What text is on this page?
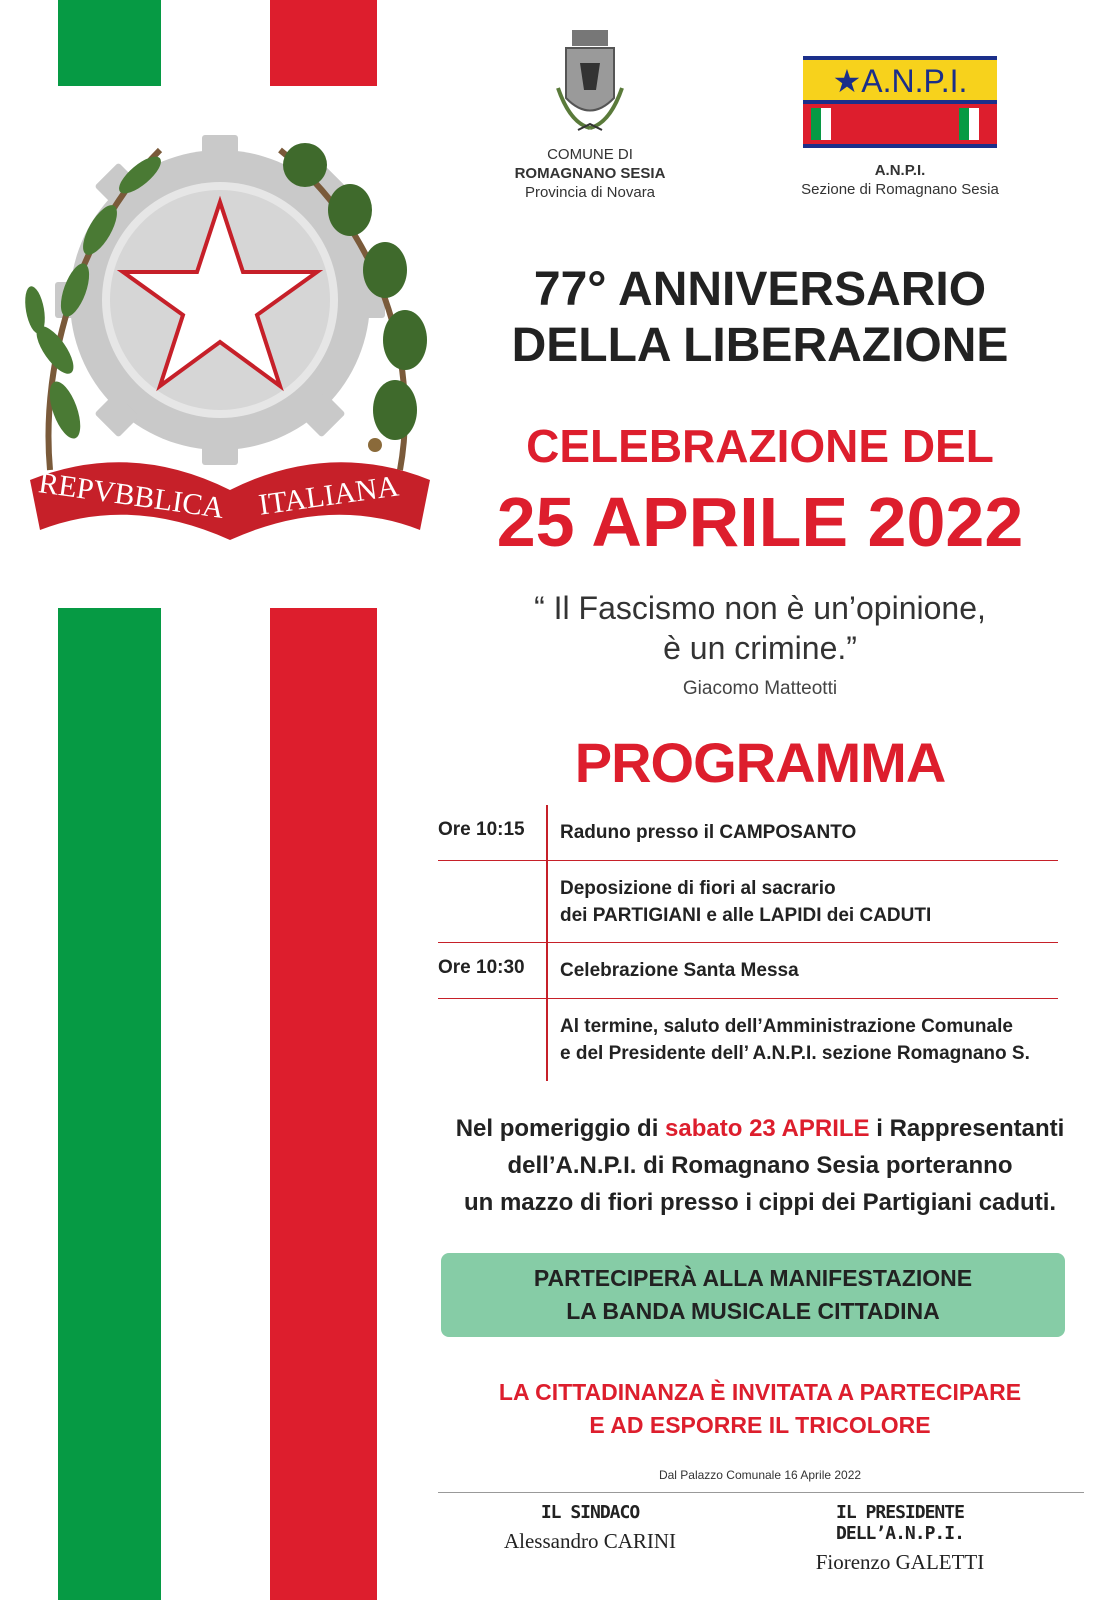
REPVBBLICA ITALIANA
COMUNE DI
ROMAGNANO SESIA
Provincia di Novara
★A.N.P.I.
A.N.P.I.
Sezione di Romagnano Sesia
77° ANNIVERSARIO
DELLA LIBERAZIONE
CELEBRAZIONE DEL
25 APRILE 2022
“ Il Fascismo non è un’opinione,
è un crimine.”
Giacomo Matteotti
PROGRAMMA
Ore 10:15	Raduno presso il CAMPOSANTO
Deposizione di fiori al sacrario
dei PARTIGIANI e alle LAPIDI dei CADUTI
Ore 10:30	Celebrazione Santa Messa
Al termine, saluto dell’Amministrazione Comunale
e del Presidente dell’ A.N.P.I. sezione Romagnano S.
Nel pomeriggio di sabato 23 APRILE i Rappresentanti
dell’A.N.P.I. di Romagnano Sesia porteranno
un mazzo di fiori presso i cippi dei Partigiani caduti.
PARTECIPERÀ ALLA MANIFESTAZIONE
LA BANDA MUSICALE CITTADINA
LA CITTADINANZA È INVITATA A PARTECIPARE
E AD ESPORRE IL TRICOLORE
Dal Palazzo Comunale 16 Aprile 2022
IL SINDACO
Alessandro CARINI
IL PRESIDENTE DELL’A.N.P.I.
Fiorenzo GALETTI
